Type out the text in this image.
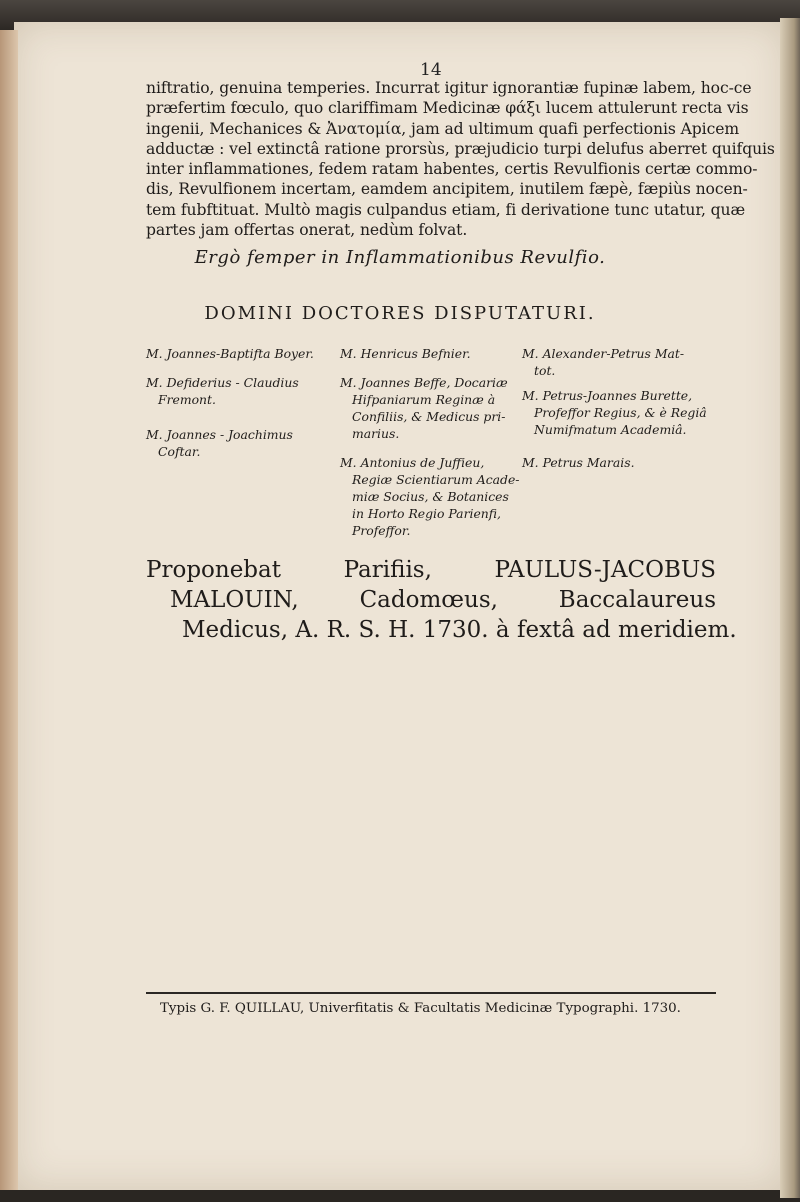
14
niftratio, genuina temperies. Incurrat igitur ignorantiæ fupinæ labem, hoc-ce
præfertim fœculo, quo clariffimam Medicinæ φάξι lucem attulerunt recta vis
ingenii, Mechanices & Ἀνατομία, jam ad ultimum quafi perfectionis Apicem
adductæ : vel extinctâ ratione prorsùs, præjudicio turpi delufus aberret quifquis
inter inflammationes, fedem ratam habentes, certis Revulfionis certæ commo-
dis, Revulfionem incertam, eamdem ancipitem, inutilem fæpè, fæpiùs nocen-
tem fubftituat. Multò magis culpandus etiam, fi derivatione tunc utatur, quæ
partes jam offertas onerat, nedùm folvat.
Ergò femper in Inflammationibus Revulfio.
DOMINI DOCTORES DISPUTATURI.
M. Joannes-Baptifta Boyer.
M. Defiderius - Claudius
Fremont.
M. Joannes - Joachimus
Coftar.
M. Henricus Befnier.
M. Joannes Beffe, Docariæ
Hifpaniarum Reginæ à
Confiliis, & Medicus pri-
marius.
M. Antonius de Juffieu,
Regiæ Scientiarum Acade-
miæ Socius, & Botanices
in Horto Regio Parienfi,
Profeffor.
M. Alexander-Petrus Mat-
tot.
M. Petrus-Joannes Burette,
Profeffor Regius, & è Regiâ
Numifmatum Academiâ.
M. Petrus Marais.
Proponebat Parifiis, PAULUS-JACOBUS
MALOUIN, Cadomœus, Baccalaureus
Medicus, A. R. S. H. 1730. à fextâ ad meridiem.
Typis G. F. QUILLAU, Univerfitatis & Facultatis Medicinæ Typographi. 1730.
